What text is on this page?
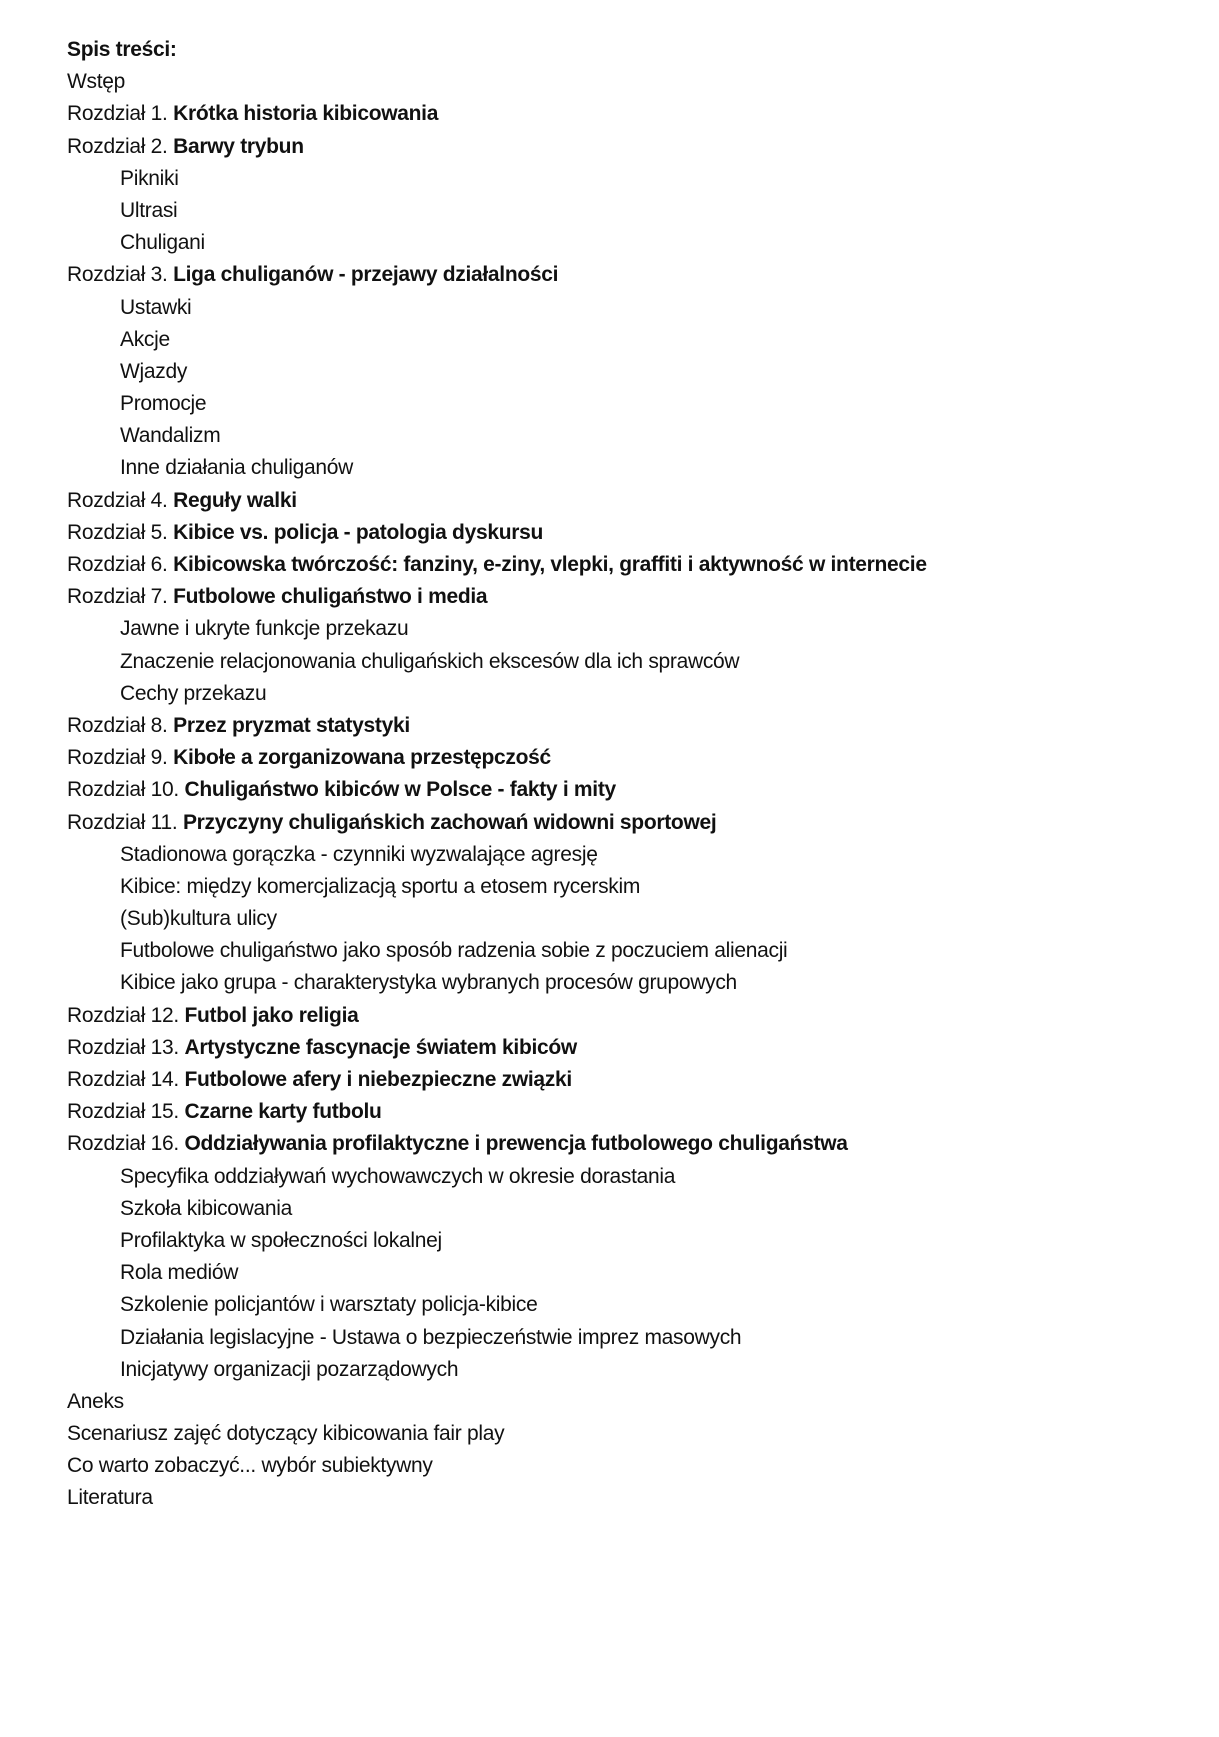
Spis treści:
Wstęp
Rozdział 1. Krótka historia kibicowania
Rozdział 2. Barwy trybun
Pikniki
Ultrasi
Chuligani
Rozdział 3. Liga chuliganów - przejawy działalności
Ustawki
Akcje
Wjazdy
Promocje
Wandalizm
Inne działania chuliganów
Rozdział 4. Reguły walki
Rozdział 5. Kibice vs. policja - patologia dyskursu
Rozdział 6. Kibicowska twórczość: fanziny, e-ziny, vlepki, graffiti i aktywność w internecie
Rozdział 7. Futbolowe chuligaństwo i media
Jawne i ukryte funkcje przekazu
Znaczenie relacjonowania chuligańskich ekscesów dla ich sprawców
Cechy przekazu
Rozdział 8. Przez pryzmat statystyki
Rozdział 9. Kibołe a zorganizowana przestępczość
Rozdział 10. Chuligaństwo kibiców w Polsce - fakty i mity
Rozdział 11. Przyczyny chuligańskich zachowań widowni sportowej
Stadionowa gorączka - czynniki wyzwalające agresję
Kibice: między komercjalizacją sportu a etosem rycerskim
(Sub)kultura ulicy
Futbolowe chuligaństwo jako sposób radzenia sobie z poczuciem alienacji
Kibice jako grupa - charakterystyka wybranych procesów grupowych
Rozdział 12. Futbol jako religia
Rozdział 13. Artystyczne fascynacje światem kibiców
Rozdział 14. Futbolowe afery i niebezpieczne związki
Rozdział 15. Czarne karty futbolu
Rozdział 16. Oddziaływania profilaktyczne i prewencja futbolowego chuligaństwa
Specyfika oddziaływań wychowawczych w okresie dorastania
Szkoła kibicowania
Profilaktyka w społeczności lokalnej
Rola mediów
Szkolenie policjantów i warsztaty policja-kibice
Działania legislacyjne - Ustawa o bezpieczeństwie imprez masowych
Inicjatywy organizacji pozarządowych
Aneks
Scenariusz zajęć dotyczący kibicowania fair play
Co warto zobaczyć... wybór subiektywny
Literatura
